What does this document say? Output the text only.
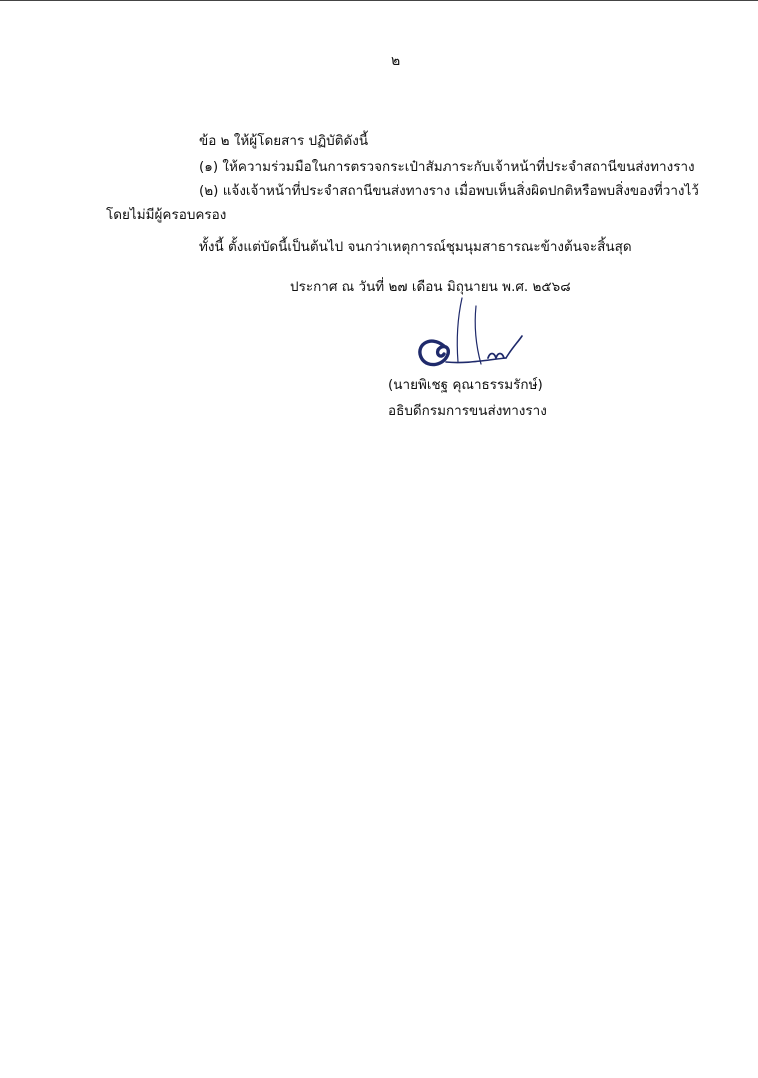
๒
ข้อ ๒ ให้ผู้โดยสาร ปฏิบัติดังนี้
(๑) ให้ความร่วมมือในการตรวจกระเป๋าสัมภาระกับเจ้าหน้าที่ประจำสถานีขนส่งทางราง
(๒) แจ้งเจ้าหน้าที่ประจำสถานีขนส่งทางราง เมื่อพบเห็นสิ่งผิดปกติหรือพบสิ่งของที่วางไว้
โดยไม่มีผู้ครอบครอง
ทั้งนี้ ตั้งแต่บัดนี้เป็นต้นไป จนกว่าเหตุการณ์ชุมนุมสาธารณะข้างต้นจะสิ้นสุด
ประกาศ ณ วันที่ ๒๗ เดือน มิถุนายน พ.ศ. ๒๕๖๘
(นายพิเชฐ คุณาธรรมรักษ์)
อธิบดีกรมการขนส่งทางราง
